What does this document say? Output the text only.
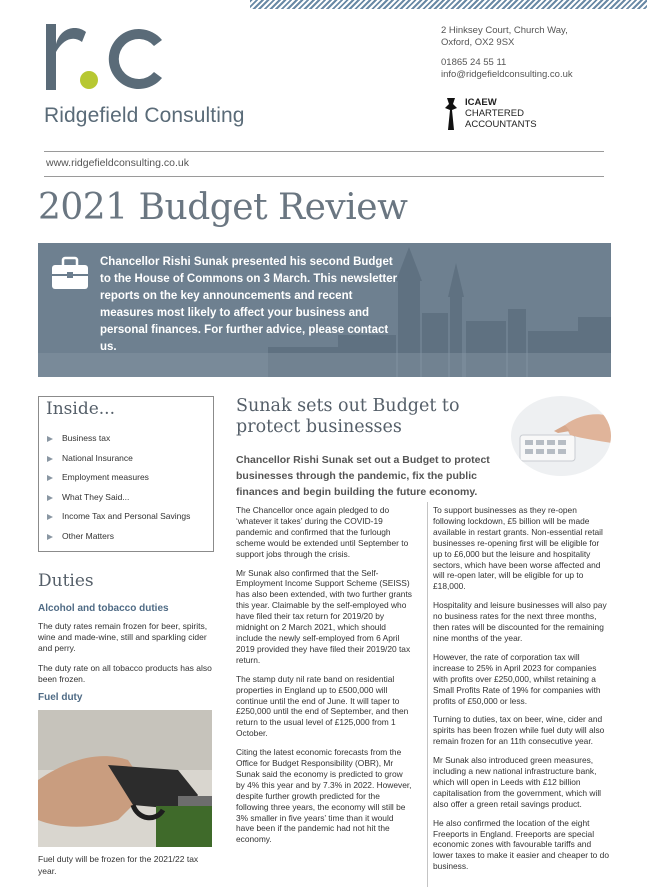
Ridgefield Consulting
2 Hinksey Court, Church Way,
Oxford, OX2 9SX
01865 24 55 11
info@ridgefieldconsulting.co.uk
ICAEW
CHARTERED
ACCOUNTANTS
www.ridgefieldconsulting.co.uk
2021 Budget Review
Chancellor Rishi Sunak presented his second Budget to the House of Commons on 3 March. This newsletter reports on the key announcements and recent measures most likely to affect your business and personal finances. For further advice, please contact us.
Inside...
Business tax
National Insurance
Employment measures
What They Said...
Income Tax and Personal Savings
Other Matters
Duties
Alcohol and tobacco duties
The duty rates remain frozen for beer, spirits, wine and made-wine, still and sparkling cider and perry.
The duty rate on all tobacco products has also been frozen.
Fuel duty
Fuel duty will be frozen for the 2021/22 tax year.
Sunak sets out Budget to protect businesses
Chancellor Rishi Sunak set out a Budget to protect businesses through the pandemic, fix the public finances and begin building the future economy.

The Chancellor once again pledged to do ‘whatever it takes’ during the COVID-19 pandemic and confirmed that the furlough scheme would be extended until September to support jobs through the crisis.

Mr Sunak also confirmed that the Self-Employment Income Support Scheme (SEISS) has also been extended, with two further grants this year. Claimable by the self-employed who have filed their tax return for 2019/20 by midnight on 2 March 2021, which should include the newly self-employed from 6 April 2019 provided they have filed their 2019/20 tax return.

The stamp duty nil rate band on residential properties in England up to £500,000 will continue until the end of June. It will taper to £250,000 until the end of September, and then return to the usual level of £125,000 from 1 October.

Citing the latest economic forecasts from the Office for Budget Responsibility (OBR), Mr Sunak said the economy is predicted to grow by 4% this year and by 7.3% in 2022. However, despite further growth predicted for the following three years, the economy will still be 3% smaller in five years’ time than it would have been if the pandemic had not hit the economy.

To support businesses as they re-open following lockdown, £5 billion will be made available in restart grants. Non-essential retail businesses re-opening first will be eligible for up to £6,000 but the leisure and hospitality sectors, which have been worse affected and will re-open later, will be eligible for up to £18,000.

Hospitality and leisure businesses will also pay no business rates for the next three months, then rates will be discounted for the remaining nine months of the year.

However, the rate of corporation tax will increase to 25% in April 2023 for companies with profits over £250,000, whilst retaining a Small Profits Rate of 19% for companies with profits of £50,000 or less.

Turning to duties, tax on beer, wine, cider and spirits has been frozen while fuel duty will also remain frozen for an 11th consecutive year.

Mr Sunak also introduced green measures, including a new national infrastructure bank, which will open in Leeds with £12 billion capitalisation from the government, which will also offer a green retail savings product.

He also confirmed the location of the eight Freeports in England. Freeports are special economic zones with favourable tariffs and lower taxes to make it easier and cheaper to do business.
